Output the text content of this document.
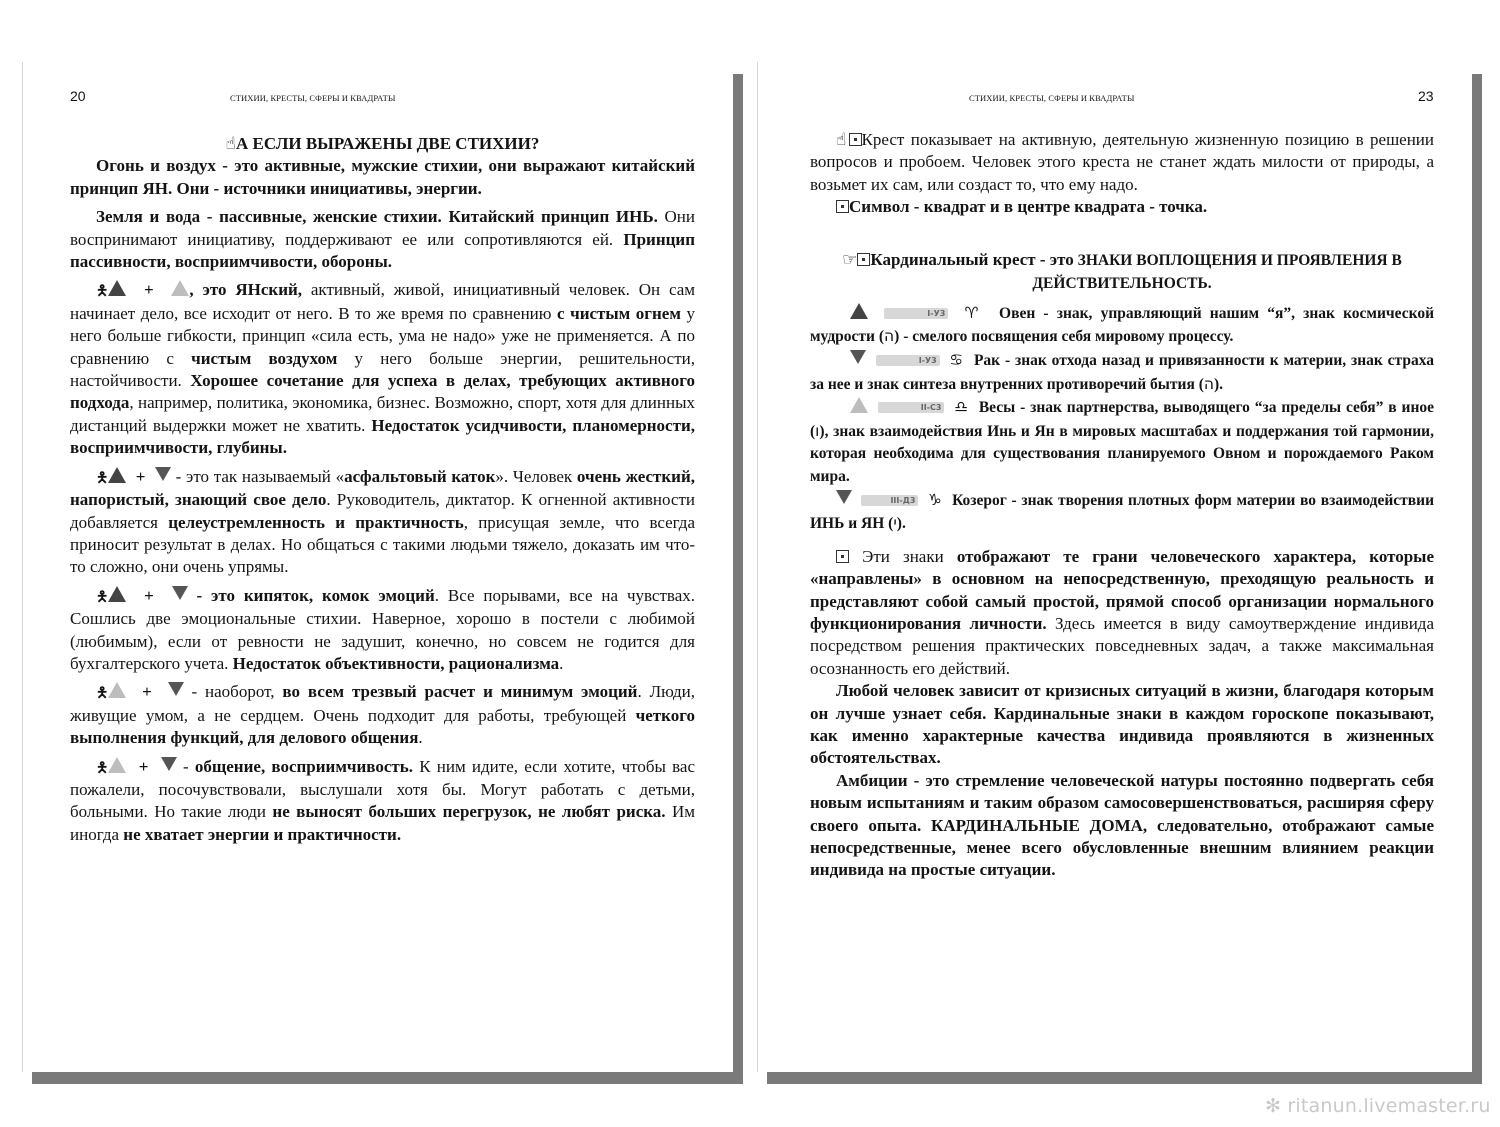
20	СТИХИИ, КРЕСТЫ, СФЕРЫ И КВАДРАТЫ

☝А ЕСЛИ ВЫРАЖЕНЫ ДВЕ СТИХИИ?

Огонь и воздух - это активные, мужские стихии, они выражают китайский принцип ЯН. Они - источники инициативы, энергии.

Земля и вода - пассивные, женские стихии. Китайский принцип ИНЬ. Они воспринимают инициативу, поддерживают ее или сопротивляются ей. Принцип пассивности, восприимчивости, обороны.

🯅 + , это ЯНский, активный, живой, инициативный человек. Он сам начинает дело, все исходит от него. В то же время по сравнению с чистым огнем у него больше гибкости, принцип «сила есть, ума не надо» уже не применяется. А по сравнению с чистым воздухом у него больше энергии, решительности, настойчивости. Хорошее сочетание для успеха в делах, требующих активного подхода, например, политика, экономика, бизнес. Возможно, спорт, хотя для длинных дистанций выдержки может не хватить. Недостаток усидчивости, планомерности, восприимчивости, глубины.

🯅 +   - это так называемый «асфальтовый каток». Человек очень жесткий, напористый, знающий свое дело. Руководитель, диктатор. К огненной активности добавляется целеустремленность и практичность, присущая земле, что всегда приносит результат в делах. Но общаться с такими людьми тяжело, доказать им что-то сложно, они очень упрямы.

🯅 +   - это кипяток, комок эмоций. Все порывами, все на чувствах. Сошлись две эмоциональные стихии. Наверное, хорошо в постели с любимой (любимым), если от ревности не задушит, конечно, но совсем не годится для бухгалтерского учета. Недостаток объективности, рационализма.

🯅 +   - наоборот, во всем трезвый расчет и минимум эмоций. Люди, живущие умом, а не сердцем. Очень подходит для работы, требующей четкого выполнения функций, для делового общения.

🯅 +   - общение, восприимчивость. К ним идите, если хотите, чтобы вас пожалели, посочувствовали, выслушали хотя бы. Могут работать с детьми, больными. Но такие люди не выносят больших перегрузок, не любят риска. Им иногда не хватает энергии и практичности.

СТИХИИ, КРЕСТЫ, СФЕРЫ И КВАДРАТЫ	23

☝ Крест показывает на активную, деятельную жизненную позицию в решении вопросов и пробоем. Человек этого креста не станет ждать милости от природы, а возьмет их сам, или создаст то, что ему надо.

Символ - квадрат и в центре квадрата - точка.

☞ Кардинальный крест - это ЗНАКИ ВОПЛОЩЕНИЯ И ПРОЯВЛЕНИЯ В ДЕЙСТВИТЕЛЬНОСТЬ.

I-У3 ♈ Овен - знак, управляющий нашим “я”, знак космической мудрости (ה) - смелого посвящения себя мировому процессу.

I-У3 ♋ Рак - знак отхода назад и привязанности к материи, знак страха за нее и знак синтеза внутренних противоречий бытия (ה).

II-C3 ♎ Весы - знак партнерства, выводящего “за пределы себя” в иное (ו), знак взаимодействия Инь и Ян в мировых масштабах и поддержания той гармонии, которая необходима для существования планируемого Овном и порождаемого Раком мира.

III-Д3 ♑ Козерог - знак творения плотных форм материи во взаимодействии ИНЬ и ЯН (י).

Эти знаки отображают те грани человеческого характера, которые «направлены» в основном на непосредственную, преходящую реальность и представляют собой самый простой, прямой способ организации нормального функционирования личности. Здесь имеется в виду самоутверждение индивида посредством решения практических повседневных задач, а также максимальная осознанность его действий.

Любой человек зависит от кризисных ситуаций в жизни, благодаря которым он лучше узнает себя. Кардинальные знаки в каждом гороскопе показывают, как именно характерные качества индивида проявляются в жизненных обстоятельствах.

Амбиции - это стремление человеческой натуры постоянно подвергать себя новым испытаниям и таким образом самосовершенствоваться, расширяя сферу своего опыта. КАРДИНАЛЬНЫЕ ДОМА, следовательно, отображают самые непосредственные, менее всего обусловленные внешним влиянием реакции индивида на простые ситуации.

✻ ritanun.livemaster.ru
